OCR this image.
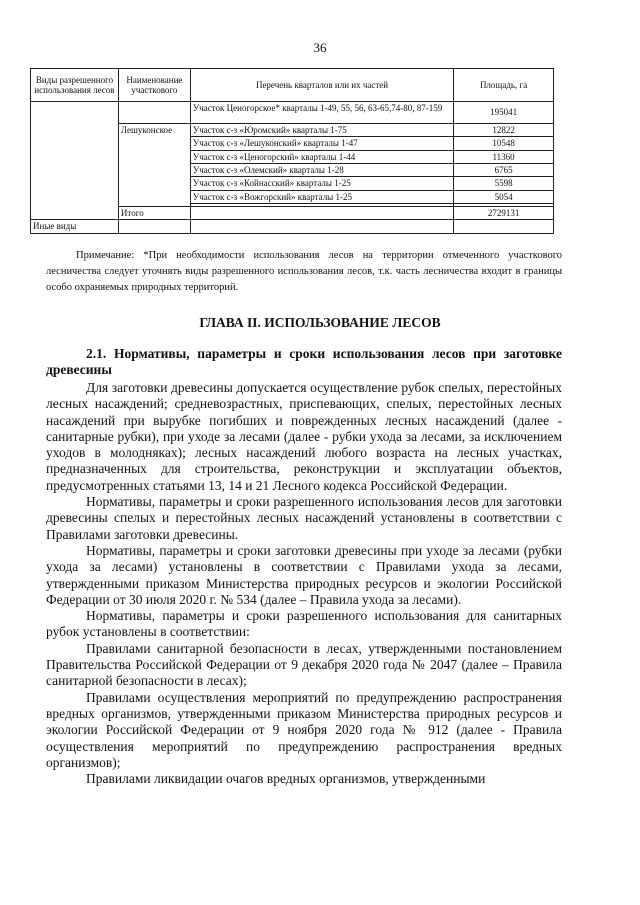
36
Виды разрешенного использования лесов	Наименование участкового	Перечень кварталов или их частей	Площадь, га
		Участок Ценогорское* кварталы 1-49, 55, 56, 63-65,74-80, 87-159	195041
	Лешуконское	Участок с-з «Юромский» кварталы 1-75	12822
		Участок с-з «Лешуконский» кварталы 1-47	10548
		Участок с-з «Ценогорский» кварталы 1-44	11360
		Участок с-з «Олемский» кварталы 1-28	6765
		Участок с-з «Койнасский» кварталы 1-25	5598
		Участок с-з «Вожгорский» кварталы 1-25	5054

	Итого		2729131
Иные виды			
Примечание: *При необходимости использования лесов на территории отмеченного участкового лесничества следует уточнять виды разрешенного использования лесов, т.к. часть лесничества входит в границы особо охраняемых природных территорий.
ГЛАВА II. ИСПОЛЬЗОВАНИЕ ЛЕСОВ
2.1. Нормативы, параметры и сроки использования лесов при заготовке древесины

Для заготовки древесины допускается осуществление рубок спелых, перестойных лесных насаждений; средневозрастных, приспевающих, спелых, перестойных лесных насаждений при вырубке погибших и поврежденных лесных насаждений (далее - санитарные рубки), при уходе за лесами (далее - рубки ухода за лесами, за исключением уходов в молодняках); лесных насаждений любого возраста на лесных участках, предназначенных для строительства, реконструкции и эксплуатации объектов, предусмотренных статьями 13, 14 и 21 Лесного кодекса Российской Федерации.

Нормативы, параметры и сроки разрешенного использования лесов для заготовки древесины спелых и перестойных лесных насаждений установлены в соответствии с Правилами заготовки древесины.

Нормативы, параметры и сроки заготовки древесины при уходе за лесами (рубки ухода за лесами) установлены в соответствии с Правилами ухода за лесами, утвержденными приказом Министерства природных ресурсов и экологии Российской Федерации от 30 июля 2020 г. № 534 (далее – Правила ухода за лесами).

Нормативы, параметры и сроки разрешенного использования для санитарных рубок установлены в соответствии:

Правилами санитарной безопасности в лесах, утвержденными постановлением Правительства Российской Федерации от 9 декабря 2020 года № 2047 (далее – Правила санитарной безопасности в лесах);

Правилами осуществления мероприятий по предупреждению распространения вредных организмов, утвержденными приказом Министерства природных ресурсов и экологии Российской Федерации от 9 ноября 2020 года № 912 (далее - Правила осуществления мероприятий по предупреждению распространения вредных организмов);

Правилами ликвидации очагов вредных организмов, утвержденными
